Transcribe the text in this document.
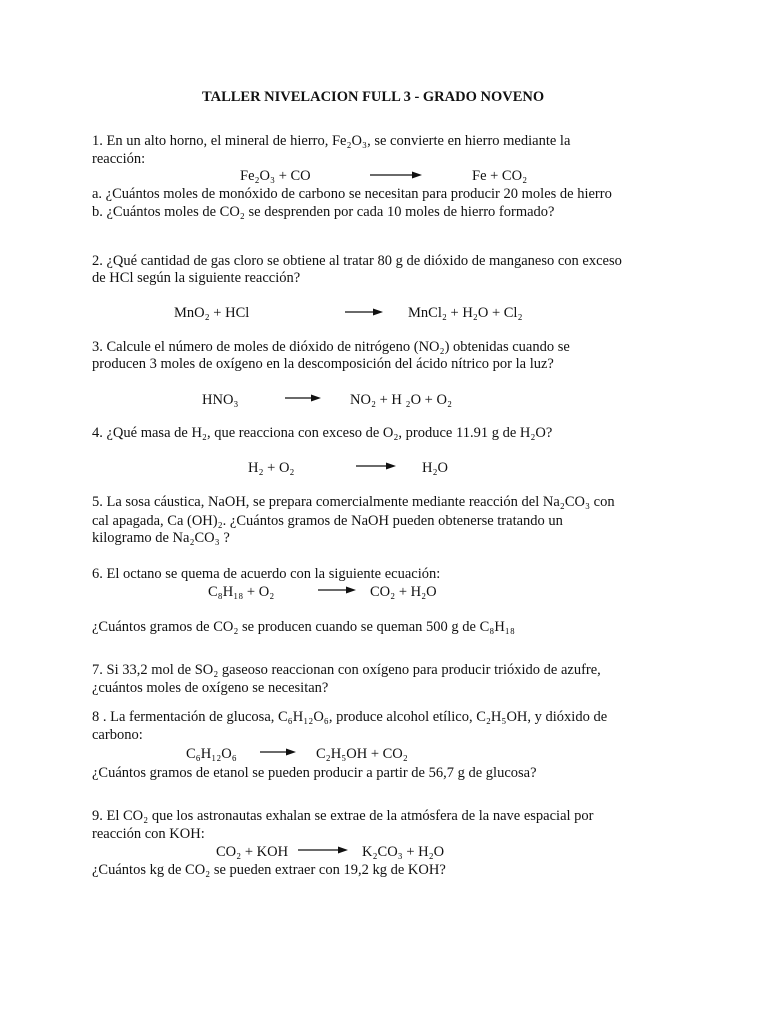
TALLER NIVELACION FULL 3 - GRADO NOVENO
1. En un alto horno, el mineral de hierro, Fe₂O₃, se convierte en hierro mediante la
reacción:
Fe₂O₃ + CO	Fe + CO₂
a. ¿Cuántos moles de monóxido de carbono se necesitan para producir 20 moles de hierro
b. ¿Cuántos moles de CO₂ se desprenden por cada 10 moles de hierro formado?
2. ¿Qué cantidad de gas cloro se obtiene al tratar 80 g de dióxido de manganeso con exceso
de HCl según la siguiente reacción?
MnO₂ + HCl	MnCl₂ + H₂O + Cl₂
3. Calcule el número de moles de dióxido de nitrógeno (NO₂) obtenidas cuando se
producen 3 moles de oxígeno en la descomposición del ácido nítrico por la luz?
HNO₃	NO₂ + H ₂O + O₂
4. ¿Qué masa de H₂, que reacciona con exceso de O₂, produce 11.91 g de H₂O?
H₂ + O₂	H₂O
5. La sosa cáustica, NaOH, se prepara comercialmente mediante reacción del Na₂CO₃ con
cal apagada, Ca (OH)₂. ¿Cuántos gramos de NaOH pueden obtenerse tratando un
kilogramo de Na₂CO₃ ?
6. El octano se quema de acuerdo con la siguiente ecuación:
C₈H₁₈ + O₂	→ CO₂ + H₂O
¿Cuántos gramos de CO₂ se producen cuando se queman 500 g de C₈H₁₈
7. Si 33,2 mol de SO₂ gaseoso reaccionan con oxígeno para producir trióxido de azufre,
¿cuántos moles de oxígeno se necesitan?
8 . La fermentación de glucosa, C₆H₁₂O₆, produce alcohol etílico, C₂H₅OH, y dióxido de
carbono:
C₆H₁₂O₆ → C₂H₅OH + CO₂
¿Cuántos gramos de etanol se pueden producir a partir de 56,7 g de glucosa?
9. El CO₂ que los astronautas exhalan se extrae de la atmósfera de la nave espacial por
reacción con KOH:
CO₂ + KOH → K₂CO₃ + H₂O
¿Cuántos kg de CO₂ se pueden extraer con 19,2 kg de KOH?
